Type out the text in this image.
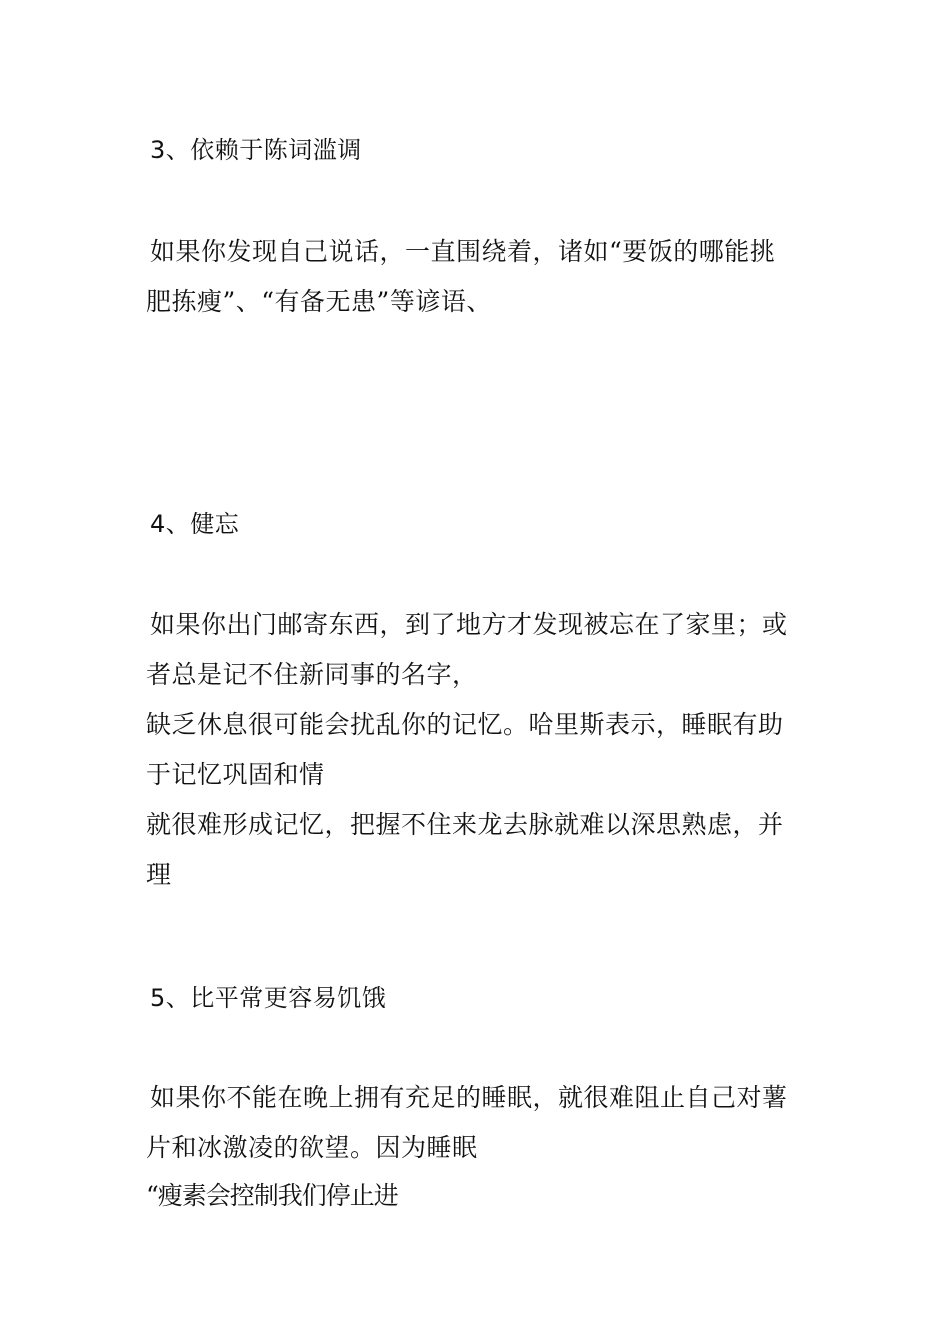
3、依赖于陈词滥调

如果你发现自己说话，一直围绕着，诸如“要饭的哪能挑

肥拣瘦”、“有备无患”等谚语、

4、健忘

如果你出门邮寄东西，到了地方才发现被忘在了家里；或

者总是记不住新同事的名字，

缺乏休息很可能会扰乱你的记忆。哈里斯表示，睡眠有助

于记忆巩固和情

就很难形成记忆，把握不住来龙去脉就难以深思熟虑，并

理

5、比平常更容易饥饿

如果你不能在晚上拥有充足的睡眠，就很难阻止自己对薯

片和冰激凌的欲望。因为睡眠

“瘦素会控制我们停止进
